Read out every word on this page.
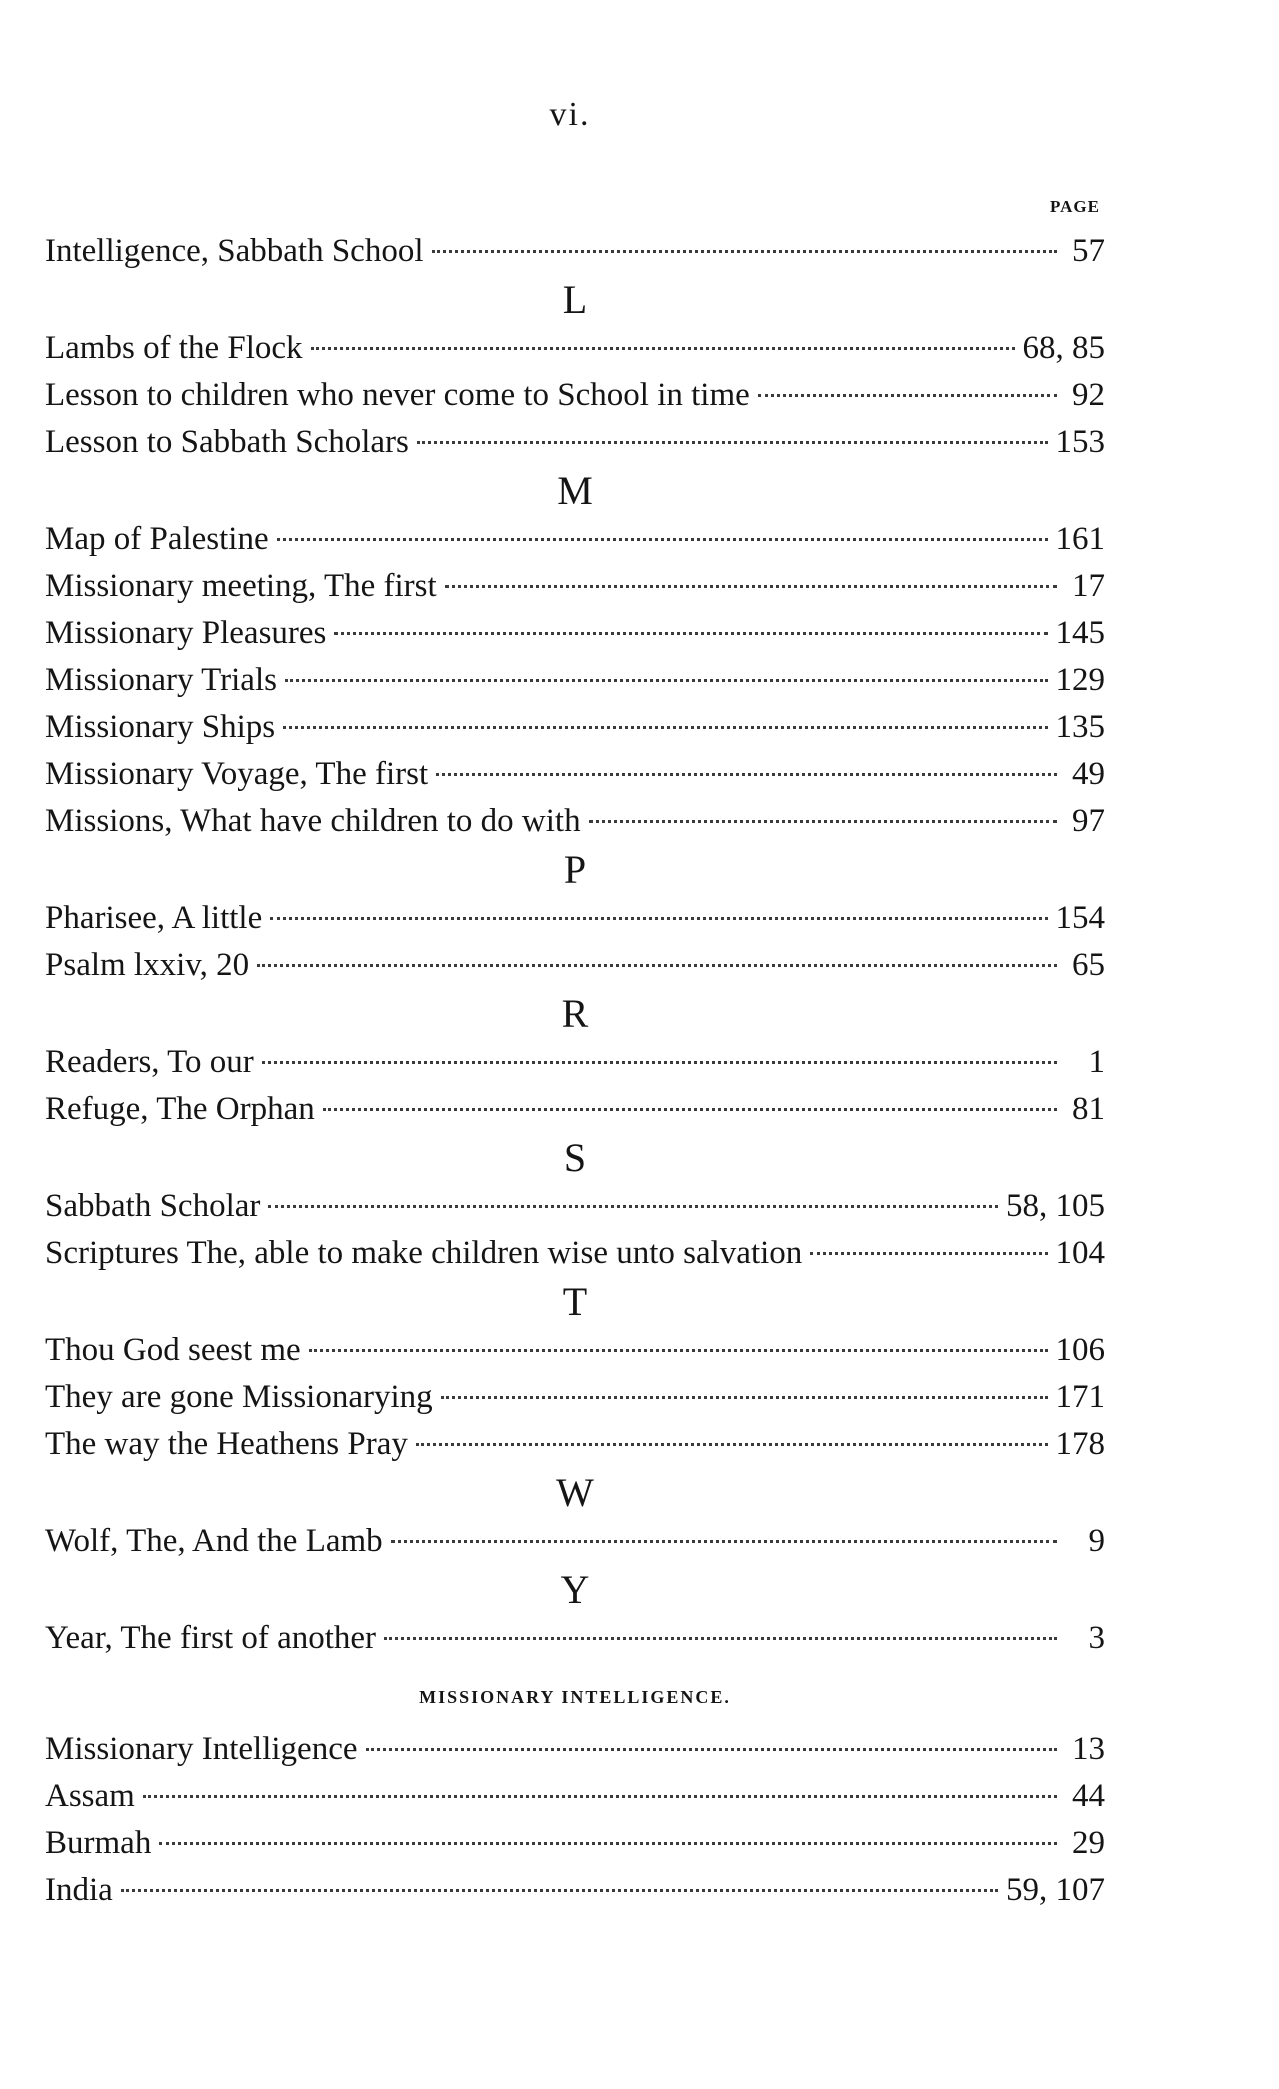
vi.
PAGE
Intelligence, Sabbath School	57
L
Lambs of the Flock	68, 85
Lesson to children who never come to School in time	92
Lesson to Sabbath Scholars	153
M
Map of Palestine	161
Missionary meeting, The first	17
Missionary Pleasures	145
Missionary Trials	129
Missionary Ships	135
Missionary Voyage, The first	49
Missions, What have children to do with	97
P
Pharisee, A little	154
Psalm lxxiv, 20	65
R
Readers, To our	1
Refuge, The Orphan	81
S
Sabbath Scholar	58, 105
Scriptures The, able to make children wise unto salvation	104
T
Thou God seest me	106
They are gone Missionarying	171
The way the Heathens Pray	178
W
Wolf, The, And the Lamb	9
Y
Year, The first of another	3
MISSIONARY INTELLIGENCE.
Missionary Intelligence	13
Assam	44
Burmah	29
India	59, 107
